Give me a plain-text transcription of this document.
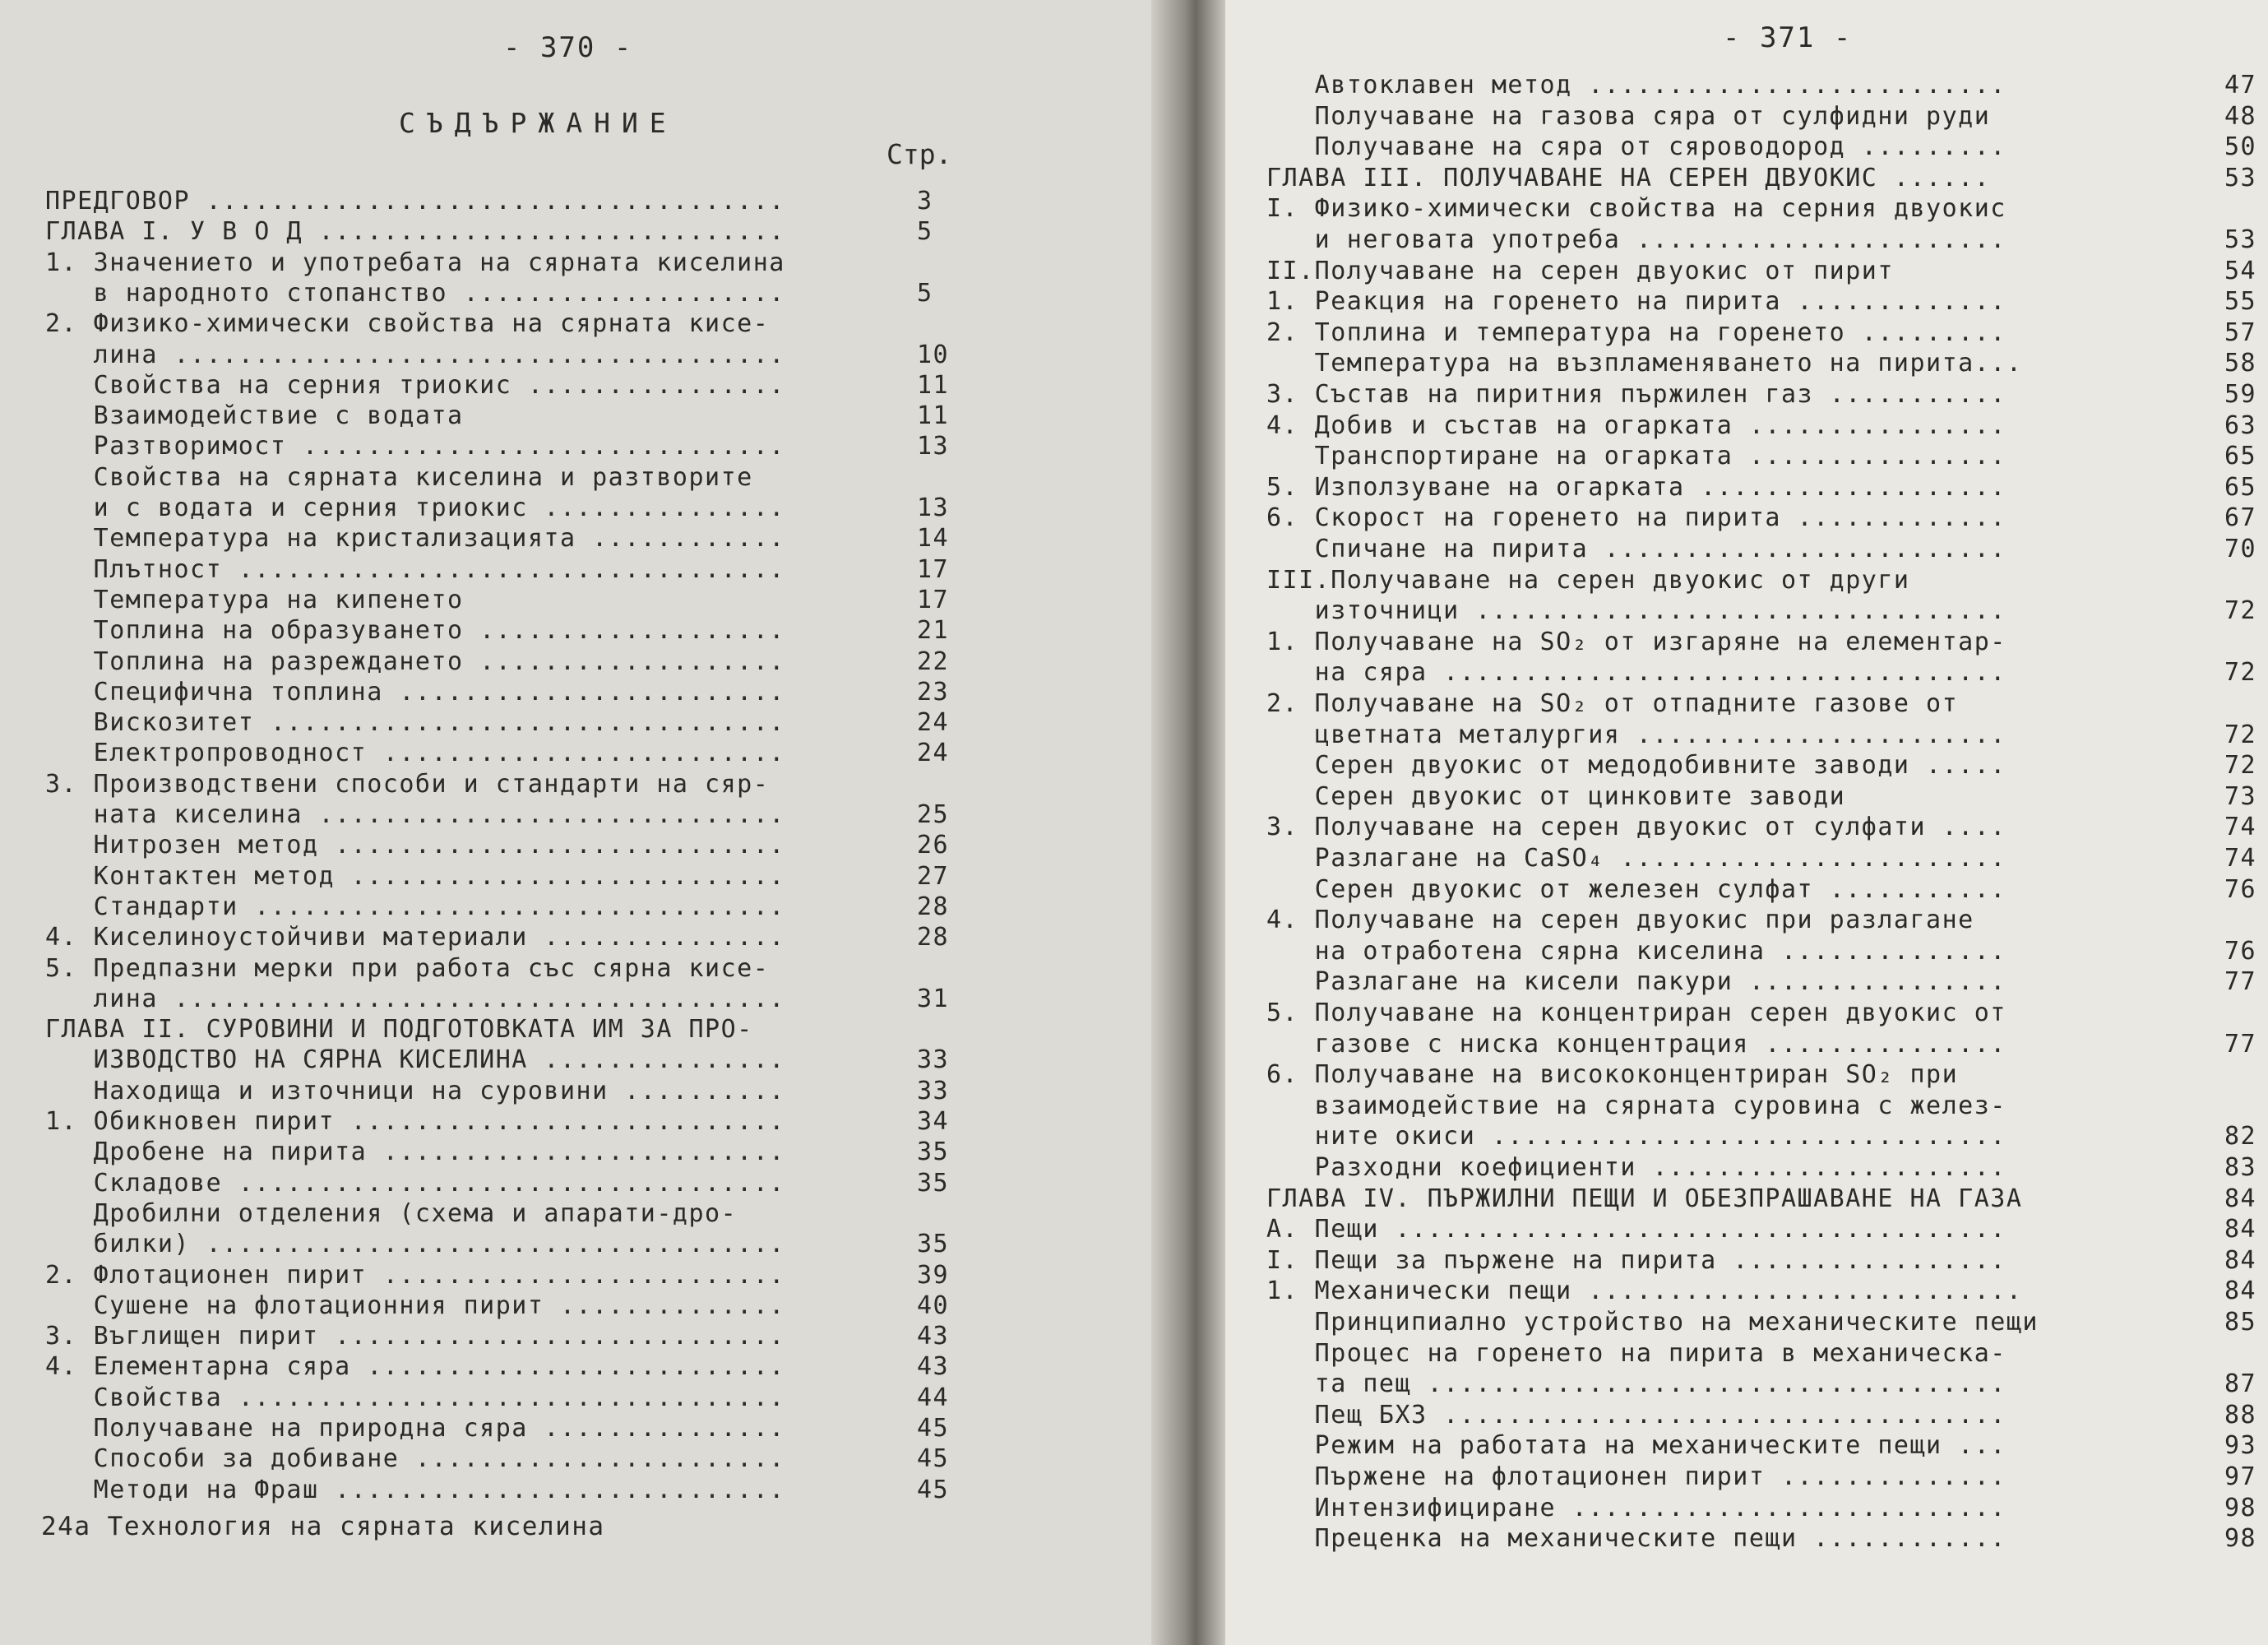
- 370 -
СЪДЪРЖАНИЕ
Стр.
ПРЕДГОВОР ....................................	3
ГЛАВА I. У В О Д .............................	5
1. Значението и употребата на сярната киселина
в народното стопанство ....................	5
2. Физико-химически свойства на сярната кисе-
лина ......................................	10
Свойства на серния триокис ................	11
Взаимодействие с водата	11
Разтворимост ..............................	13
Свойства на сярната киселина и разтворите
и с водата и серния триокис ...............	13
Температура на кристализацията ............	14
Плътност ..................................	17
Температура на кипенето	17
Топлина на образуването ...................	21
Топлина на разреждането ...................	22
Специфична топлина ........................	23
Вискозитет ................................	24
Електропроводност .........................	24
3. Производствени способи и стандарти на сяр-
ната киселина .............................	25
Нитрозен метод ............................	26
Контактен метод ...........................	27
Стандарти .................................	28
4. Киселиноустойчиви материали ...............	28
5. Предпазни мерки при работа със сярна кисе-
лина ......................................	31
ГЛАВА II. СУРОВИНИ И ПОДГОТОВКАТА ИМ ЗА ПРО-
ИЗВОДСТВО НА СЯРНА КИСЕЛИНА ...............	33
Находища и източници на суровини ..........	33
1. Обикновен пирит ...........................	34
Дробене на пирита .........................	35
Складове ..................................	35
Дробилни отделения (схема и апарати-дро-
билки) ....................................	35
2. Флотационен пирит .........................	39
Сушене на флотационния пирит ..............	40
3. Въглищен пирит ............................	43
4. Елементарна сяра ..........................	43
Свойства ..................................	44
Получаване на природна сяра ...............	45
Способи за добиване .......................	45
Методи на Фраш ............................	45
24а Технология на сярната киселина
- 371 -
Автоклавен метод ..........................	47
Получаване на газова сяра от сулфидни руди	48
Получаване на сяра от сяроводород .........	50
ГЛАВА III. ПОЛУЧАВАНЕ НА СЕРЕН ДВУОКИС ......	53
I. Физико-химически свойства на серния двуокис
и неговата употреба .......................	53
II.Получаване на серен двуокис от пирит	54
1. Реакция на горенето на пирита .............	55
2. Топлина и температура на горенето .........	57
Температура на възпламеняването на пирита...	58
3. Състав на пиритния пържилен газ ...........	59
4. Добив и състав на огарката ................	63
Транспортиране на огарката ................	65
5. Използуване на огарката ...................	65
6. Скорост на горенето на пирита .............	67
Спичане на пирита .........................	70
III.Получаване на серен двуокис от други
източници .................................	72
1. Получаване на SO₂ от изгаряне на елементар-
на сяра ...................................	72
2. Получаване на SO₂ от отпадните газове от
цветната металургия .......................	72
Серен двуокис от медодобивните заводи .....	72
Серен двуокис от цинковите заводи	73
3. Получаване на серен двуокис от сулфати ....	74
Разлагане на CaSO₄ ........................	74
Серен двуокис от железен сулфат ...........	76
4. Получаване на серен двуокис при разлагане
на отработена сярна киселина ..............	76
Разлагане на кисели пакури ................	77
5. Получаване на концентриран серен двуокис от
газове с ниска концентрация ...............	77
6. Получаване на висококонцентриран SO₂ при
взаимодействие на сярната суровина с желез-
ните окиси ................................	82
Разходни коефициенти ......................	83
ГЛАВА IV. ПЪРЖИЛНИ ПЕЩИ И ОБЕЗПРАШАВАНЕ НА ГАЗА	84
А. Пещи ......................................	84
I. Пещи за пържене на пирита .................	84
1. Механически пещи ...........................	84
Принципиално устройство на механическите пещи	85
Процес на горенето на пирита в механическа-
та пещ ....................................	87
Пещ БХЗ ...................................	88
Режим на работата на механическите пещи ...	93
Пържене на флотационен пирит ..............	97
Интензифициране ...........................	98
Преценка на механическите пещи ............	98
